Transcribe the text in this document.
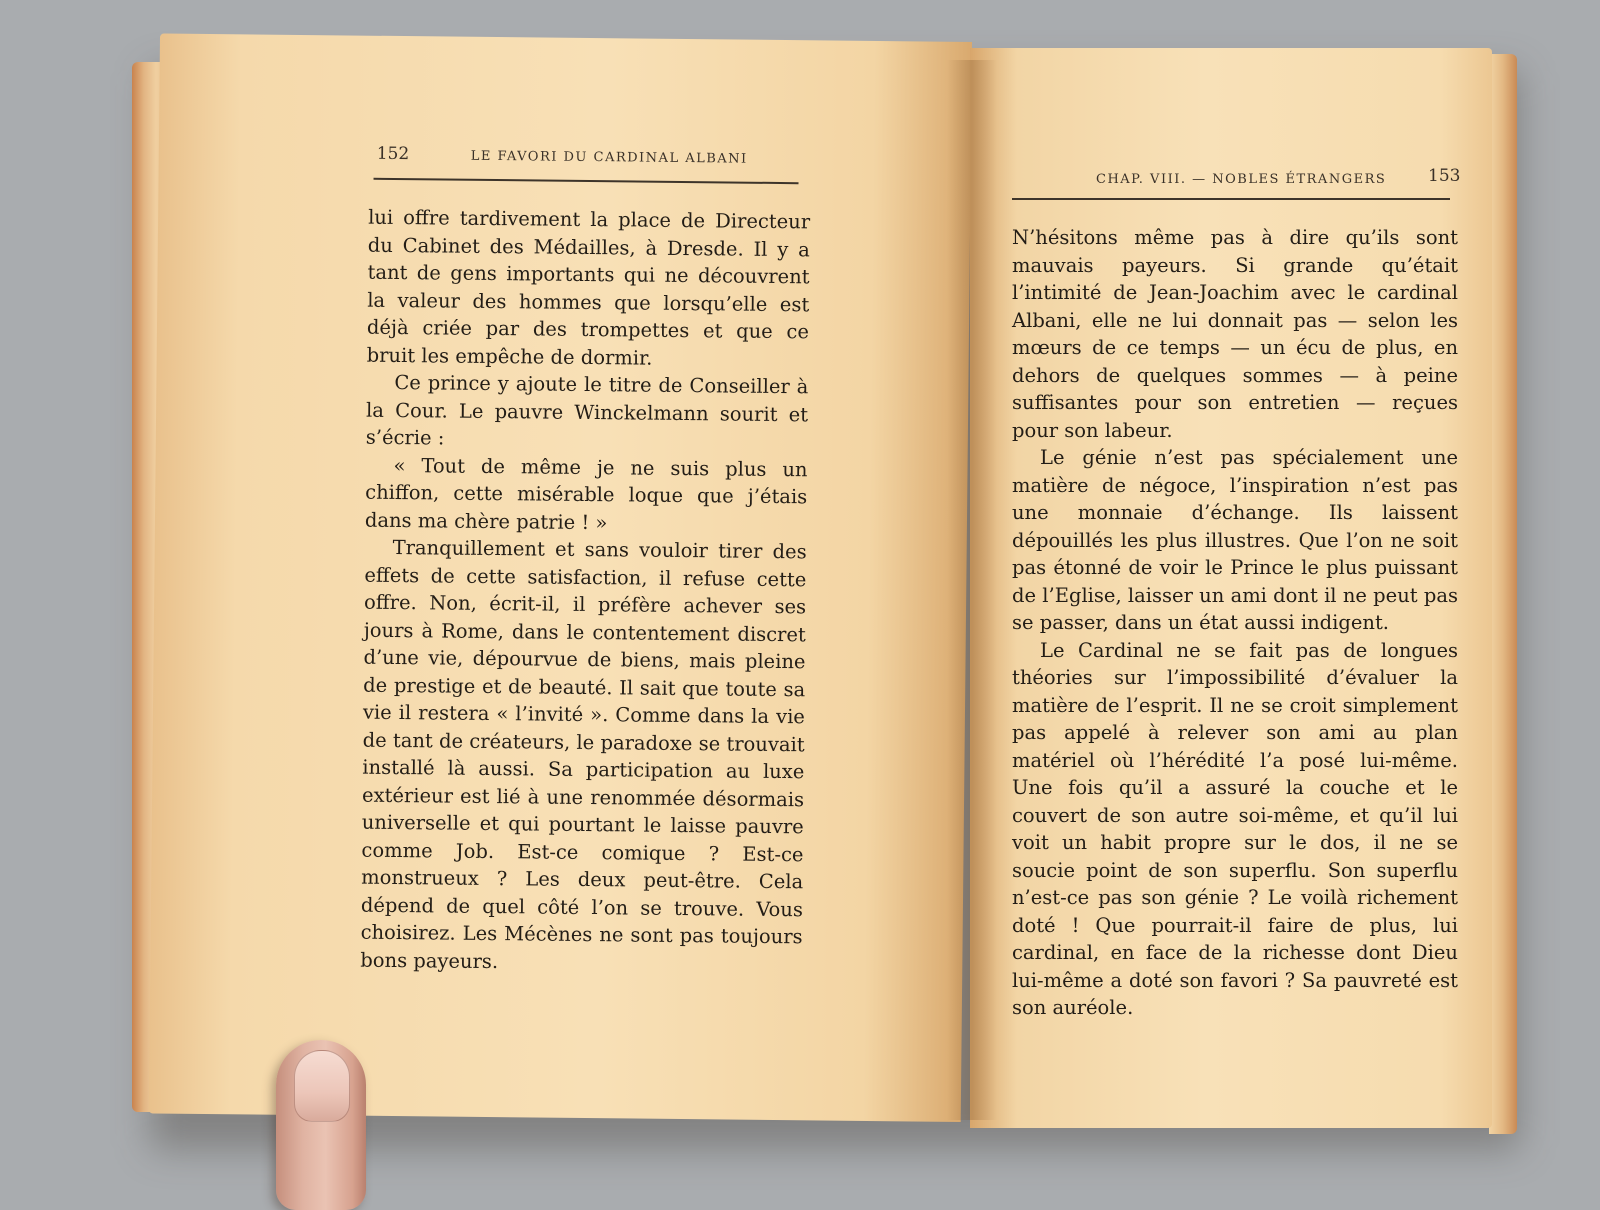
152	LE FAVORI DU CARDINAL ALBANI

lui offre tardivement la place de Directeur du Cabinet des Médailles, à Dresde. Il y a tant de gens importants qui ne découvrent la valeur des hommes que lorsqu’elle est déjà criée par des trompettes et que ce bruit les empêche de dormir.

Ce prince y ajoute le titre de Conseiller à la Cour. Le pauvre Winckelmann sourit et s’écrie :

« Tout de même je ne suis plus un chiffon, cette misérable loque que j’étais dans ma chère patrie ! »

Tranquillement et sans vouloir tirer des effets de cette satisfaction, il refuse cette offre. Non, écrit-il, il préfère achever ses jours à Rome, dans le contentement discret d’une vie, dépourvue de biens, mais pleine de prestige et de beauté. Il sait que toute sa vie il restera « l’invité ». Comme dans la vie de tant de créateurs, le paradoxe se trouvait installé là aussi. Sa participation au luxe extérieur est lié à une renommée désormais universelle et qui pourtant le laisse pauvre comme Job. Est-ce comique ? Est-ce monstrueux ? Les deux peut-être. Cela dépend de quel côté l’on se trouve. Vous choisirez. Les Mécènes ne sont pas toujours bons payeurs.

CHAP. VIII. — NOBLES ÉTRANGERS 153

N’hésitons même pas à dire qu’ils sont mauvais payeurs. Si grande qu’était l’intimité de Jean-Joachim avec le cardinal Albani, elle ne lui donnait pas — selon les mœurs de ce temps — un écu de plus, en dehors de quelques sommes — à peine suffisantes pour son entretien — reçues pour son labeur.

Le génie n’est pas spécialement une matière de négoce, l’inspiration n’est pas une monnaie d’échange. Ils laissent dépouillés les plus illustres. Que l’on ne soit pas étonné de voir le Prince le plus puissant de l’Eglise, laisser un ami dont il ne peut pas se passer, dans un état aussi indigent.

Le Cardinal ne se fait pas de longues théories sur l’impossibilité d’évaluer la matière de l’esprit. Il ne se croit simplement pas appelé à relever son ami au plan matériel où l’hérédité l’a posé lui-même. Une fois qu’il a assuré la couche et le couvert de son autre soi-même, et qu’il lui voit un habit propre sur le dos, il ne se soucie point de son superflu. Son superflu n’est-ce pas son génie ? Le voilà richement doté ! Que pourrait-il faire de plus, lui cardinal, en face de la richesse dont Dieu lui-même a doté son favori ? Sa pauvreté est son auréole.
